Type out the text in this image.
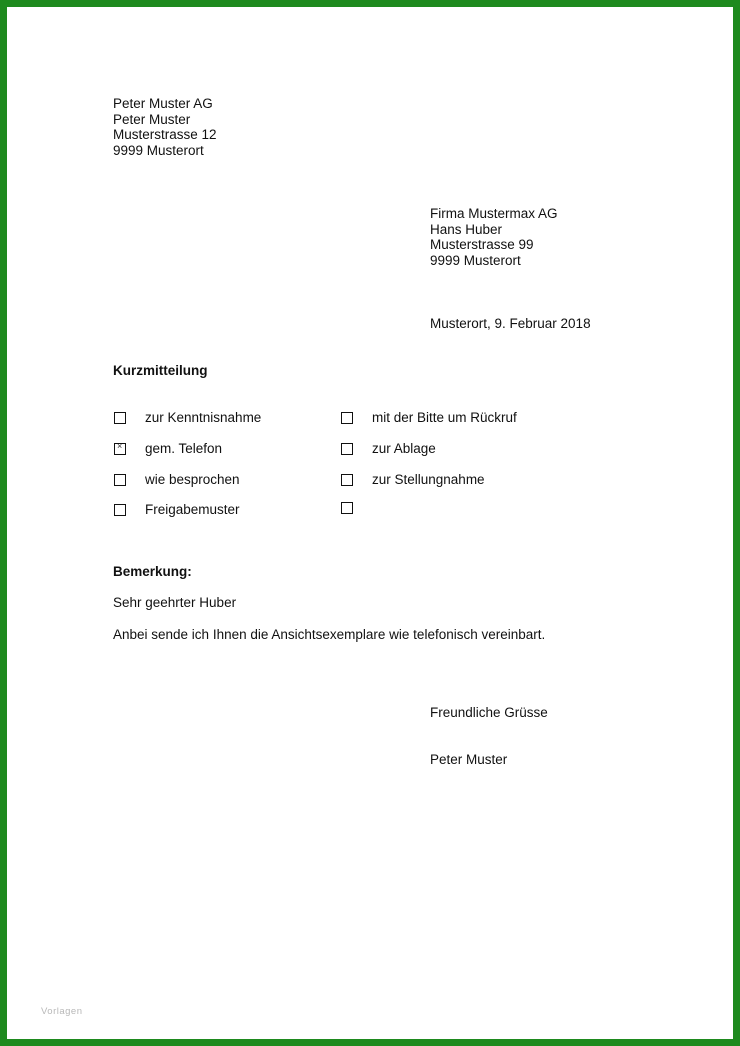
Peter Muster AG
Peter Muster
Musterstrasse 12
9999 Musterort
Firma Mustermax AG
Hans Huber
Musterstrasse 99
9999 Musterort
Musterort, 9. Februar 2018
Kurzmitteilung
zur Kenntnisnahme
×
gem. Telefon
wie besprochen
Freigabemuster
mit der Bitte um Rückruf
zur Ablage
zur Stellungnahme
Bemerkung:
Sehr geehrter Huber
Anbei sende ich Ihnen die Ansichtsexemplare wie telefonisch vereinbart.
Freundliche Grüsse
Peter Muster
Vorlagen
